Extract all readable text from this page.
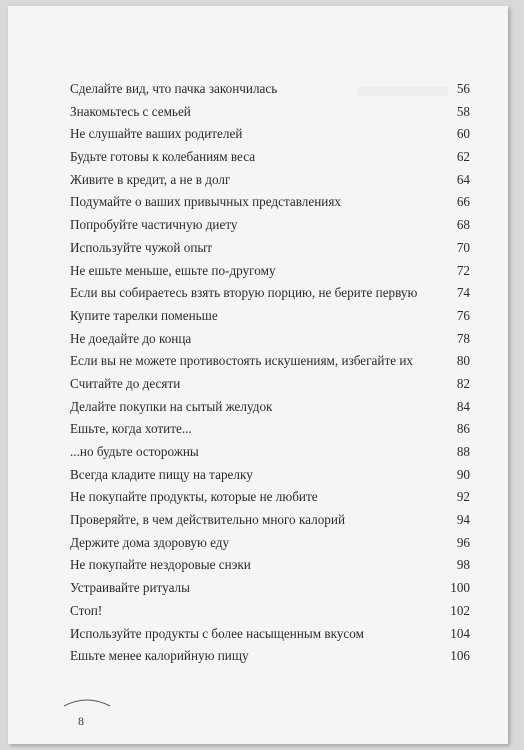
Сделайте вид, что пачка закончилась	56
Знакомьтесь с семьей	58
Не слушайте ваших родителей	60
Будьте готовы к колебаниям веса	62
Живите в кредит, а не в долг	64
Подумайте о ваших привычных представлениях	66
Попробуйте частичную диету	68
Используйте чужой опыт	70
Не ешьте меньше, ешьте по-другому	72
Если вы собираетесь взять вторую порцию, не берите первую	74
Купите тарелки поменьше	76
Не доедайте до конца	78
Если вы не можете противостоять искушениям, избегайте их	80
Считайте до десяти	82
Делайте покупки на сытый желудок	84
Ешьте, когда хотите...	86
...но будьте осторожны	88
Всегда кладите пищу на тарелку	90
Не покупайте продукты, которые не любите	92
Проверяйте, в чем действительно много калорий	94
Держите дома здоровую еду	96
Не покупайте нездоровые снэки	98
Устраивайте ритуалы	100
Стоп!	102
Используйте продукты с более насыщенным вкусом	104
Ешьте менее калорийную пищу	106
8
